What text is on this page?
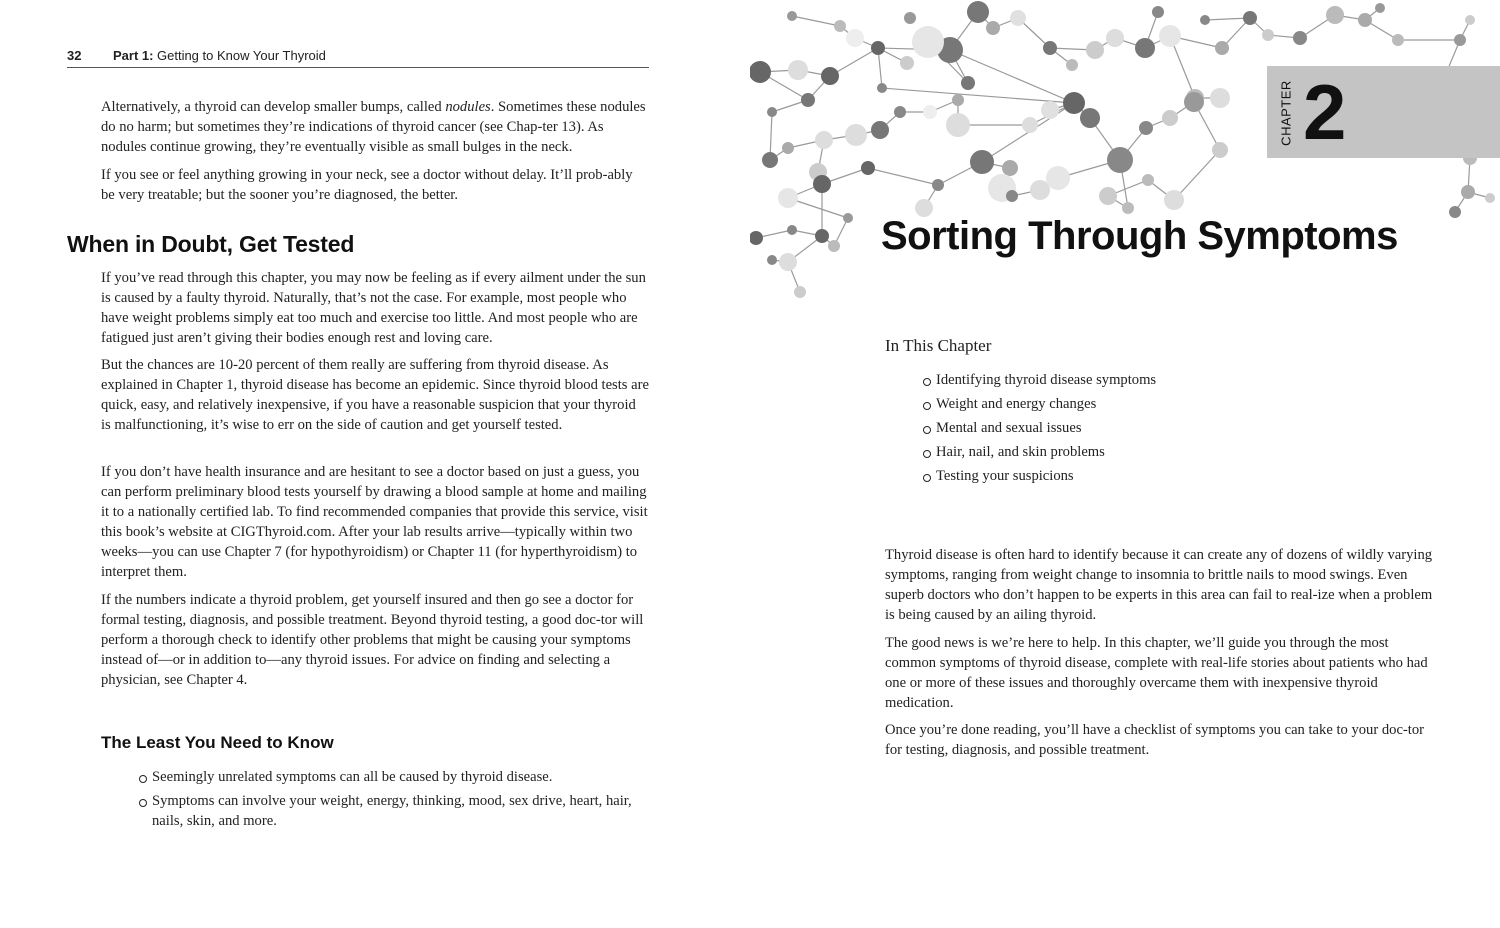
32 Part 1: Getting to Know Your Thyroid

Alternatively, a thyroid can develop smaller bumps, called nodules. Sometimes these nodules do no harm; but sometimes they’re indications of thyroid cancer (see Chap-ter 13). As nodules continue growing, they’re eventually visible as small bulges in the neck.

If you see or feel anything growing in your neck, see a doctor without delay. It’ll prob-ably be very treatable; but the sooner you’re diagnosed, the better.

When in Doubt, Get Tested

If you’ve read through this chapter, you may now be feeling as if every ailment under the sun is caused by a faulty thyroid. Naturally, that’s not the case. For example, most people who have weight problems simply eat too much and exercise too little. And most people who are fatigued just aren’t giving their bodies enough rest and loving care.

But the chances are 10-20 percent of them really are suffering from thyroid disease. As explained in Chapter 1, thyroid disease has become an epidemic. Since thyroid blood tests are quick, easy, and relatively inexpensive, if you have a reasonable suspicion that your thyroid is malfunctioning, it’s wise to err on the side of caution and get yourself tested.

If you don’t have health insurance and are hesitant to see a doctor based on just a guess, you can perform preliminary blood tests yourself by drawing a blood sample at home and mailing it to a nationally certified lab. To find recommended companies that provide this service, visit this book’s website at CIGThyroid.com. After your lab results arrive—typically within two weeks—you can use Chapter 7 (for hypothyroidism) or Chapter 11 (for hyperthyroidism) to interpret them.

If the numbers indicate a thyroid problem, get yourself insured and then go see a doctor for formal testing, diagnosis, and possible treatment. Beyond thyroid testing, a good doc-tor will perform a thorough check to identify other problems that might be causing your symptoms instead of—or in addition to—any thyroid issues. For advice on finding and selecting a physician, see Chapter 4.

The Least You Need to Know
Seemingly unrelated symptoms can all be caused by thyroid disease.
Symptoms can involve your weight, energy, thinking, mood, sex drive, heart, hair, nails, skin, and more.
CHAPTER 2
Sorting Through Symptoms

In This Chapter

Identifying thyroid disease symptoms
Weight and energy changes
Mental and sexual issues
Hair, nail, and skin problems
Testing your suspicions

Thyroid disease is often hard to identify because it can create any of dozens of wildly varying symptoms, ranging from weight change to insomnia to brittle nails to mood swings. Even superb doctors who don’t happen to be experts in this area can fail to real-ize when a problem is being caused by an ailing thyroid.

The good news is we’re here to help. In this chapter, we’ll guide you through the most common symptoms of thyroid disease, complete with real-life stories about patients who had one or more of these issues and thoroughly overcame them with inexpensive thyroid medication.

Once you’re done reading, you’ll have a checklist of symptoms you can take to your doc-tor for testing, diagnosis, and possible treatment.
